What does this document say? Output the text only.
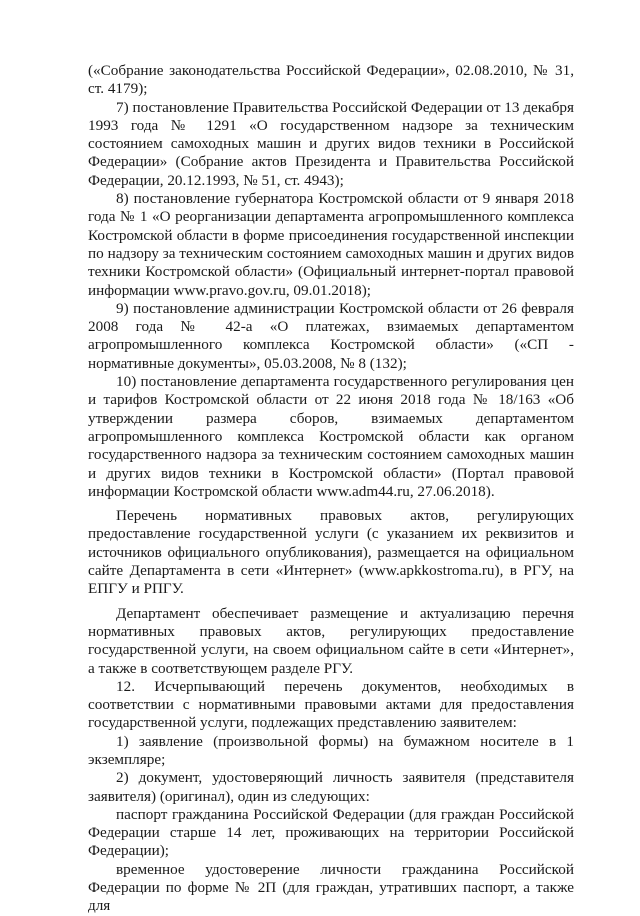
(«Собрание законодательства Российской Федерации», 02.08.2010, № 31, ст. 4179);

7) постановление Правительства Российской Федерации от 13 декабря 1993 года № 1291 «О государственном надзоре за техническим состоянием самоходных машин и других видов техники в Российской Федерации» (Собрание актов Президента и Правительства Российской Федерации, 20.12.1993, № 51, ст. 4943);

8) постановление губернатора Костромской области от 9 января 2018 года № 1 «О реорганизации департамента агропромышленного комплекса Костромской области в форме присоединения государственной инспекции по надзору за техническим состоянием самоходных машин и других видов техники Костромской области» (Официальный интернет-портал правовой информации www.pravo.gov.ru, 09.01.2018);

9) постановление администрации Костромской области от 26 февраля 2008 года № 42-а «О платежах, взимаемых департаментом агропромышленного комплекса Костромской области» («СП - нормативные документы», 05.03.2008, № 8 (132);

10) постановление департамента государственного регулирования цен и тарифов Костромской области от 22 июня 2018 года № 18/163 «Об утверждении размера сборов, взимаемых департаментом агропромышленного комплекса Костромской области как органом государственного надзора за техническим состоянием самоходных машин и других видов техники в Костромской области» (Портал правовой информации Костромской области www.adm44.ru, 27.06.2018).

Перечень нормативных правовых актов, регулирующих предоставление государственной услуги (с указанием их реквизитов и источников официального опубликования), размещается на официальном сайте Департамента в сети «Интернет» (www.apkkostroma.ru), в РГУ, на ЕПГУ и РПГУ.

Департамент обеспечивает размещение и актуализацию перечня нормативных правовых актов, регулирующих предоставление государственной услуги, на своем официальном сайте в сети «Интернет», а также в соответствующем разделе РГУ.

12. Исчерпывающий перечень документов, необходимых в соответствии с нормативными правовыми актами для предоставления государственной услуги, подлежащих представлению заявителем:

1) заявление (произвольной формы) на бумажном носителе в 1 экземпляре;

2) документ, удостоверяющий личность заявителя (представителя заявителя) (оригинал), один из следующих:

паспорт гражданина Российской Федерации (для граждан Российской Федерации старше 14 лет, проживающих на территории Российской Федерации);

временное удостоверение личности гражданина Российской Федерации по форме № 2П (для граждан, утративших паспорт, а также для
